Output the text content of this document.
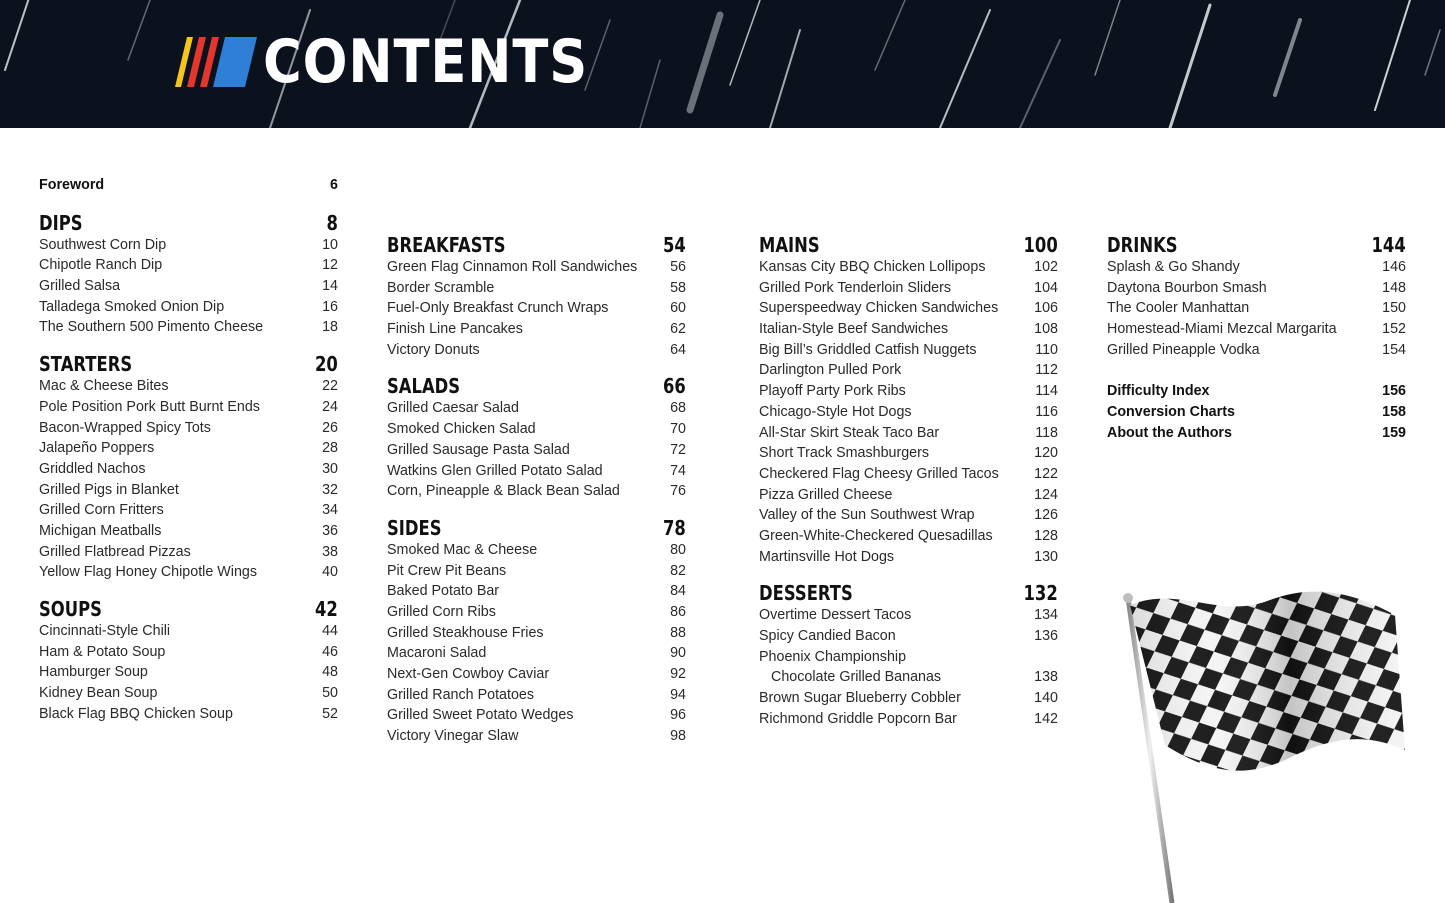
CONTENTS
Foreword	6
DIPS	8
Southwest Corn Dip	10
Chipotle Ranch Dip	12
Grilled Salsa	14
Talladega Smoked Onion Dip	16
The Southern 500 Pimento Cheese	18
STARTERS	20
Mac & Cheese Bites	22
Pole Position Pork Butt Burnt Ends	24
Bacon-Wrapped Spicy Tots	26
Jalapeño Poppers	28
Griddled Nachos	30
Grilled Pigs in Blanket	32
Grilled Corn Fritters	34
Michigan Meatballs	36
Grilled Flatbread Pizzas	38
Yellow Flag Honey Chipotle Wings	40
SOUPS	42
Cincinnati-Style Chili	44
Ham & Potato Soup	46
Hamburger Soup	48
Kidney Bean Soup	50
Black Flag BBQ Chicken Soup	52
BREAKFASTS	54
Green Flag Cinnamon Roll Sandwiches 56
Border Scramble	58
Fuel-Only Breakfast Crunch Wraps	60
Finish Line Pancakes	62
Victory Donuts	64
SALADS	66
Grilled Caesar Salad	68
Smoked Chicken Salad	70
Grilled Sausage Pasta Salad	72
Watkins Glen Grilled Potato Salad	74
Corn, Pineapple & Black Bean Salad	76
SIDES	78
Smoked Mac & Cheese	80
Pit Crew Pit Beans	82
Baked Potato Bar	84
Grilled Corn Ribs	86
Grilled Steakhouse Fries	88
Macaroni Salad	90
Next-Gen Cowboy Caviar	92
Grilled Ranch Potatoes	94
Grilled Sweet Potato Wedges	96
Victory Vinegar Slaw	98
MAINS	100
Kansas City BBQ Chicken Lollipops	102
Grilled Pork Tenderloin Sliders	104
Superspeedway Chicken Sandwiches	106
Italian-Style Beef Sandwiches	108
Big Bill’s Griddled Catfish Nuggets	110
Darlington Pulled Pork	112
Playoff Party Pork Ribs	114
Chicago-Style Hot Dogs	116
All-Star Skirt Steak Taco Bar	118
Short Track Smashburgers	120
Checkered Flag Cheesy Grilled Tacos 122
Pizza Grilled Cheese	124
Valley of the Sun Southwest Wrap	126
Green-White-Checkered Quesadillas	128
Martinsville Hot Dogs	130
DESSERTS	132
Overtime Dessert Tacos	134
Spicy Candied Bacon	136
Phoenix Championship
Chocolate Grilled Bananas	138
Brown Sugar Blueberry Cobbler	140
Richmond Griddle Popcorn Bar	142
DRINKS	144
Splash & Go Shandy	146
Daytona Bourbon Smash	148
The Cooler Manhattan	150
Homestead-Miami Mezcal Margarita	152
Grilled Pineapple Vodka	154
Difficulty Index	156
Conversion Charts	158
About the Authors	159
